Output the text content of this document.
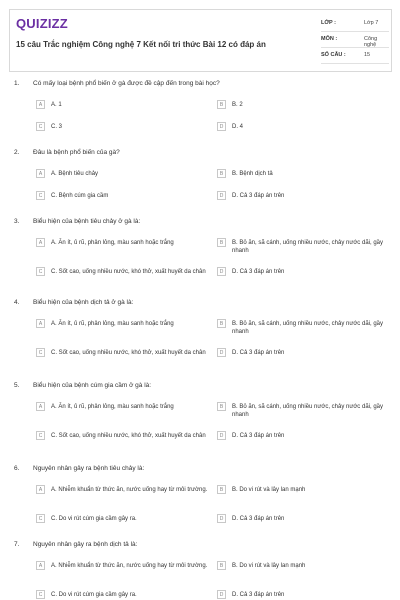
QUIZIZZ
15 câu Trắc nghiệm Công nghệ 7 Kết nối tri thức Bài 12 có đáp án
LỚP :	Lớp 7
MÔN :	Công nghệ
SỐ CÂU :	15
1. Có mấy loại bệnh phổ biến ở gà được đề cập đến trong bài học?
A	A. 1	B	B. 2
C	C. 3	D	D. 4
2. Đâu là bệnh phổ biến của gà?
A	A. Bệnh tiêu chảy	B	B. Bệnh dịch tả
C	C. Bệnh cúm gia cầm	D	D. Cả 3 đáp án trên
3. Biểu hiện của bệnh tiêu chảy ở gà là:
A	A. Ăn ít, ủ rũ, phân lỏng, màu sanh hoặc trắng	B	B. Bỏ ăn, sã cánh, uống nhiều nước, chảy nước dãi, gầy nhanh
C	C. Sốt cao, uống nhiều nước, khó thở, xuất huyết da chân	D	D. Cả 3 đáp án trên
4. Biểu hiện của bệnh dịch tả ở gà là:
A	A. Ăn ít, ủ rũ, phân lỏng, màu sanh hoặc trắng	B	B. Bỏ ăn, sã cánh, uống nhiều nước, chảy nước dãi, gầy nhanh
C	C. Sốt cao, uống nhiều nước, khó thở, xuất huyết da chân	D	D. Cả 3 đáp án trên
5. Biểu hiện của bệnh cúm gia cầm ở gà là:
A	A. Ăn ít, ủ rũ, phân lỏng, màu sanh hoặc trắng	B	B. Bỏ ăn, sã cánh, uống nhiều nước, chảy nước dãi, gầy nhanh
C	C. Sốt cao, uống nhiều nước, khó thở, xuất huyết da chân	D	D. Cả 3 đáp án trên
6. Nguyên nhân gây ra bệnh tiêu chảy là:
A	A. Nhiễm khuẩn từ thức ăn, nước uống hay từ môi trường.	B	B. Do vi rút và lây lan mạnh
C	C. Do vi rút cúm gia cầm gây ra.	D	D. Cả 3 đáp án trên
7. Nguyên nhân gây ra bệnh dịch tả là:
A	A. Nhiễm khuẩn từ thức ăn, nước uống hay từ môi trường.	B	B. Do vi rút và lây lan mạnh
C	C. Do vi rút cúm gia cầm gây ra.	D	D. Cả 3 đáp án trên
